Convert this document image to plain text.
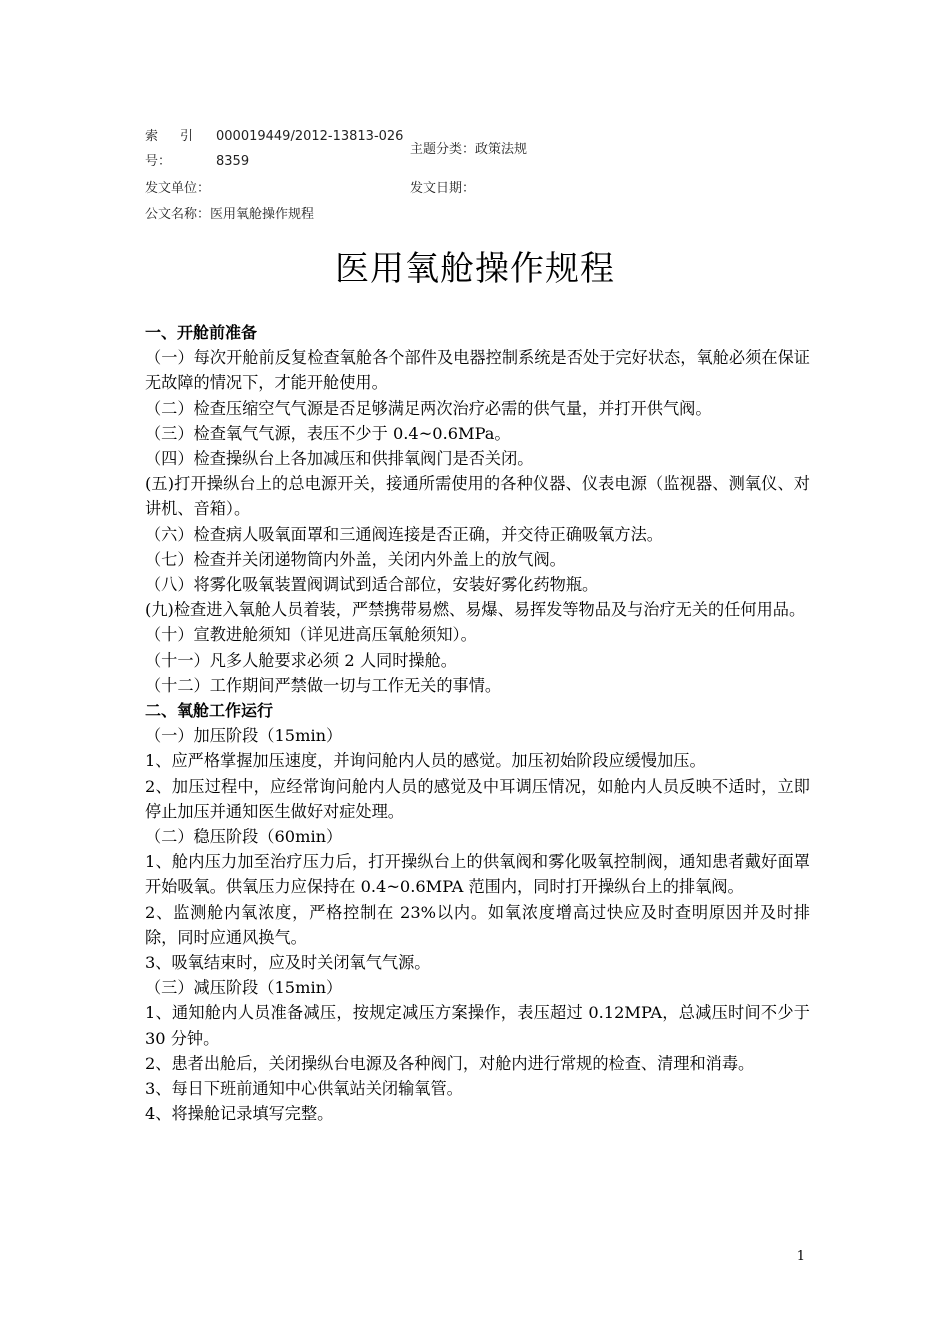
索 引
号：
000019449/2012-13813-0268359
主题分类：政策法规
发文单位：	发文日期：
公文名称：医用氧舱操作规程
医用氧舱操作规程

一、开舱前准备

（一）每次开舱前反复检查氧舱各个部件及电器控制系统是否处于完好状态，氧舱必须在保证无故障的情况下，才能开舱使用。

（二）检查压缩空气气源是否足够满足两次治疗必需的供气量，并打开供气阀。

（三）检查氧气气源，表压不少于 0.4~0.6MPa。

（四）检查操纵台上各加减压和供排氧阀门是否关闭。

(五)打开操纵台上的总电源开关，接通所需使用的各种仪器、仪表电源（监视器、测氧仪、对讲机、音箱）。

（六）检查病人吸氧面罩和三通阀连接是否正确，并交待正确吸氧方法。

（七）检查并关闭递物筒内外盖，关闭内外盖上的放气阀。

（八）将雾化吸氧装置阀调试到适合部位，安装好雾化药物瓶。

(九)检查进入氧舱人员着装，严禁携带易燃、易爆、易挥发等物品及与治疗无关的任何用品。

（十）宣教进舱须知（详见进高压氧舱须知）。

（十一）凡多人舱要求必须 2 人同时操舱。

（十二）工作期间严禁做一切与工作无关的事情。

二、氧舱工作运行

（一）加压阶段（15min）

1、应严格掌握加压速度，并询问舱内人员的感觉。加压初始阶段应缓慢加压。

2、加压过程中，应经常询问舱内人员的感觉及中耳调压情况，如舱内人员反映不适时，立即停止加压并通知医生做好对症处理。

（二）稳压阶段（60min）

1、舱内压力加至治疗压力后，打开操纵台上的供氧阀和雾化吸氧控制阀，通知患者戴好面罩开始吸氧。供氧压力应保持在 0.4~0.6MPA 范围内，同时打开操纵台上的排氧阀。

2、监测舱内氧浓度，严格控制在 23%以内。如氧浓度增高过快应及时查明原因并及时排除，同时应通风换气。

3、吸氧结束时，应及时关闭氧气气源。

（三）减压阶段（15min）

1、通知舱内人员准备减压，按规定减压方案操作，表压超过 0.12MPA，总减压时间不少于 30 分钟。

2、患者出舱后，关闭操纵台电源及各种阀门，对舱内进行常规的检查、清理和消毒。

3、每日下班前通知中心供氧站关闭输氧管。

4、将操舱记录填写完整。

1
